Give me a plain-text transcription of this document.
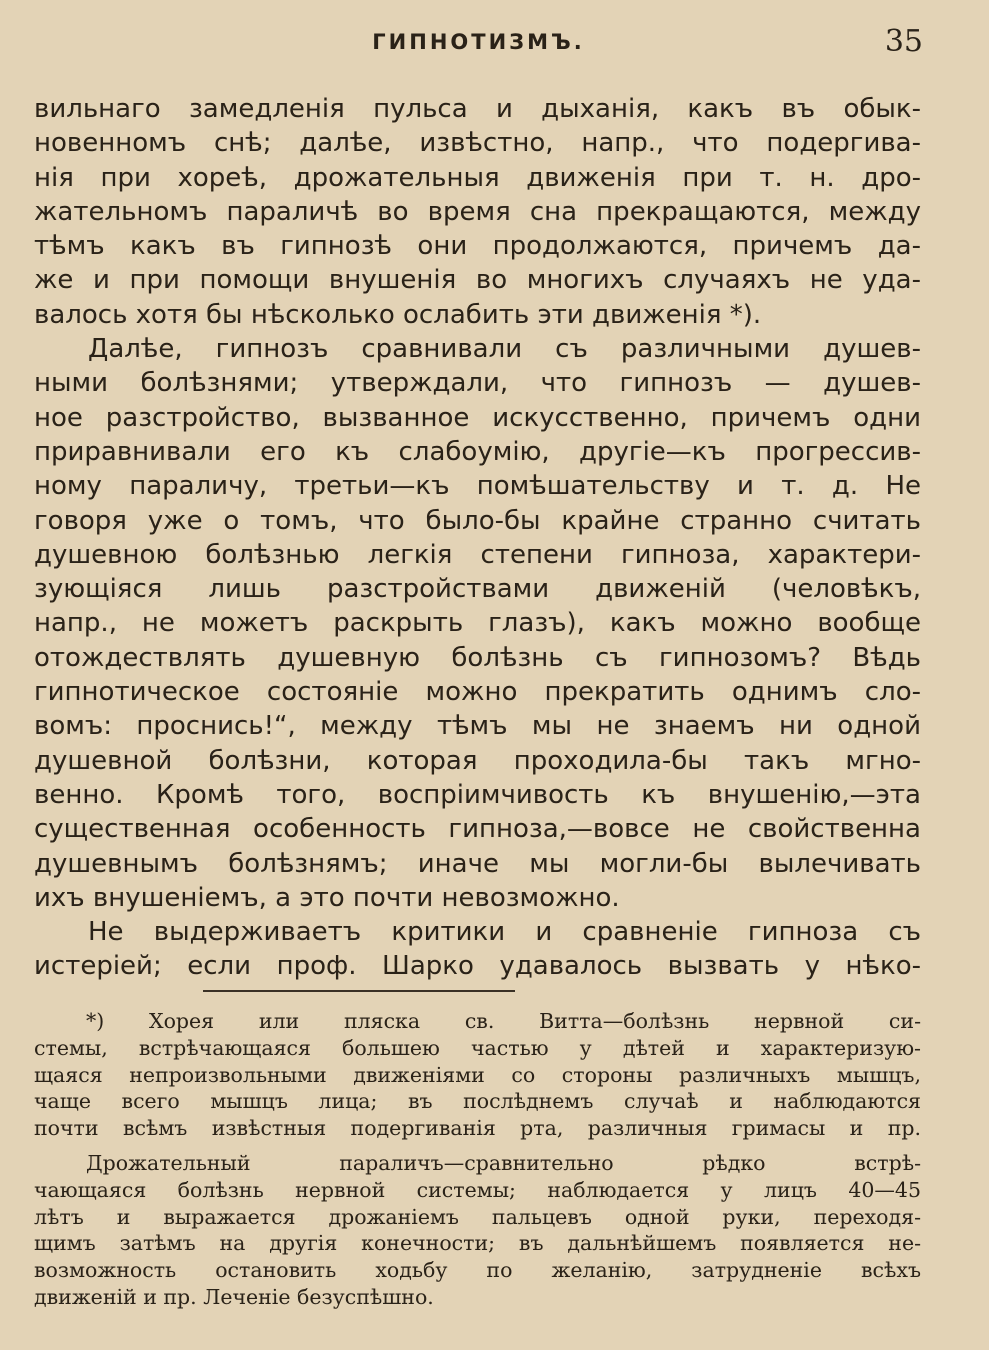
ГИПНОТИЗМЪ.	35
вильнаго замедленія пульса и дыханія, какъ въ обык-
новенномъ снѣ; далѣе, извѣстно, напр., что подергива-
нія при хореѣ, дрожательныя движенія при т. н. дро-
жательномъ параличѣ во время сна прекращаются, между
тѣмъ какъ въ гипнозѣ они продолжаются, причемъ да-
же и при помощи внушенія во многихъ случаяхъ не уда-
валось хотя бы нѣсколько ослабить эти движенія *).
Далѣе, гипнозъ сравнивали съ различными душев-
ными болѣзнями; утверждали, что гипнозъ — душев-
ное разстройство, вызванное искусственно, причемъ одни
приравнивали его къ слабоумію, другіе—къ прогрессив-
ному параличу, третьи—къ помѣшательству и т. д. Не
говоря уже о томъ, что было-бы крайне странно считать
душевною болѣзнью легкія степени гипноза, характери-
зующіяся лишь разстройствами движеній (человѣкъ,
напр., не можетъ раскрыть глазъ), какъ можно вообще
отождествлять душевную болѣзнь съ гипнозомъ? Вѣдь
гипнотическое состояніе можно прекратить однимъ сло-
вомъ: проснись!“, между тѣмъ мы не знаемъ ни одной
душевной болѣзни, которая проходила-бы такъ мгно-
венно. Кромѣ того, воспріимчивость къ внушенію,—эта
существенная особенность гипноза,—вовсе не свойственна
душевнымъ болѣзнямъ; иначе мы могли-бы вылечивать
ихъ внушеніемъ, а это почти невозможно.
Не выдерживаетъ критики и сравненіе гипноза съ
истеріей; если проф. Шарко удавалось вызвать у нѣко-
*) Хорея или пляска св. Витта—болѣзнь нервной си-
стемы, встрѣчающаяся большею частью у дѣтей и характеризую-
щаяся непроизвольными движеніями со стороны различныхъ мышцъ,
чаще всего мышцъ лица; въ послѣднемъ случаѣ и наблюдаются
почти всѣмъ извѣстныя подергиванія рта, различныя гримасы и пр.
Дрожательный параличъ—сравнительно рѣдко встрѣ-
чающаяся болѣзнь нервной системы; наблюдается у лицъ 40—45
лѣтъ и выражается дрожаніемъ пальцевъ одной руки, переходя-
щимъ затѣмъ на другія конечности; въ дальнѣйшемъ появляется не-
возможность остановить ходьбу по желанію, затрудненіе всѣхъ
движеній и пр. Леченіе безуспѣшно.
